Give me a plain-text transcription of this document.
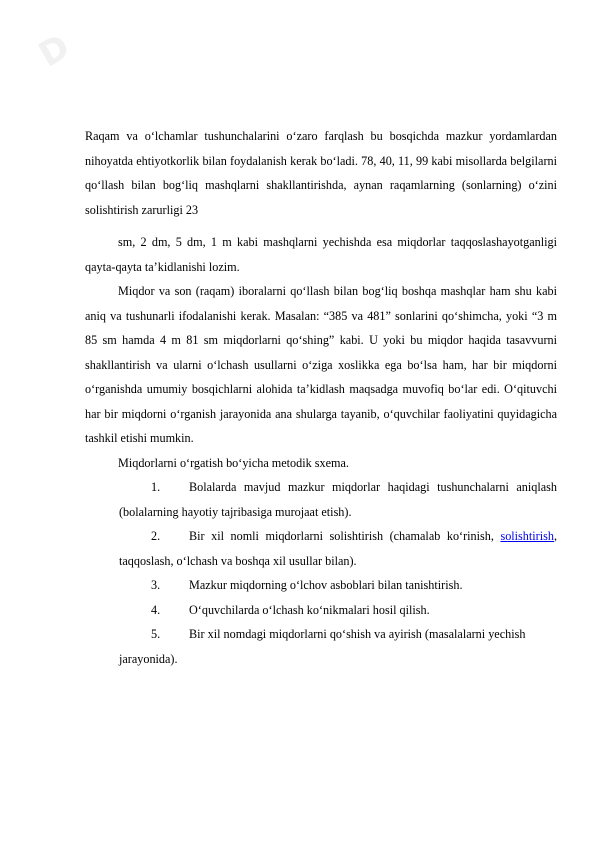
D

Raqam va o‘lchamlar tushunchalarini o‘zaro farqlash bu bosqichda mazkur yordamlardan nihoyatda ehtiyotkorlik bilan foydalanish kerak bo‘ladi. 78, 40, 11, 99 kabi misollarda belgilarni qo‘llash bilan bog‘liq mashqlarni shakllantirishda, aynan raqamlarning (sonlarning) o‘zini solishtirish zarurligi 23

sm, 2 dm, 5 dm, 1 m kabi mashqlarni yechishda esa miqdorlar taqqoslashayotganligi qayta-qayta ta’kidlanishi lozim.

Miqdor va son (raqam) iboralarni qo‘llash bilan bog‘liq boshqa mashqlar ham shu kabi aniq va tushunarli ifodalanishi kerak. Masalan: “385 va 481” sonlarini qo‘shimcha, yoki “3 m 85 sm hamda 4 m 81 sm miqdorlarni qo‘shing” kabi. U yoki bu miqdor haqida tasavvurni shakllantirish va ularni o‘lchash usullarni o‘ziga xoslikka ega bo‘lsa ham, har bir miqdorni o‘rganishda umumiy bosqichlarni alohida ta’kidlash maqsadga muvofiq bo‘lar edi. O‘qituvchi har bir miqdorni o‘rganish jarayonida ana shularga tayanib, o‘quvchilar faoliyatini quyidagicha tashkil etishi mumkin.

Miqdorlarni o‘rgatish bo‘yicha metodik sxema.

1. Bolalarda mavjud mazkur miqdorlar haqidagi tushunchalarni aniqlash (bolalarning hayotiy tajribasiga murojaat etish).

2. Bir xil nomli miqdorlarni solishtirish (chamalab ko‘rinish, solishtirish, taqqoslash, o‘lchash va boshqa xil usullar bilan).

3. Mazkur miqdorning o‘lchov asboblari bilan tanishtirish.

4. O‘quvchilarda o‘lchash ko‘nikmalari hosil qilish.

5. Bir xil nomdagi miqdorlarni qo‘shish va ayirish (masalalarni yechish

jarayonida).
